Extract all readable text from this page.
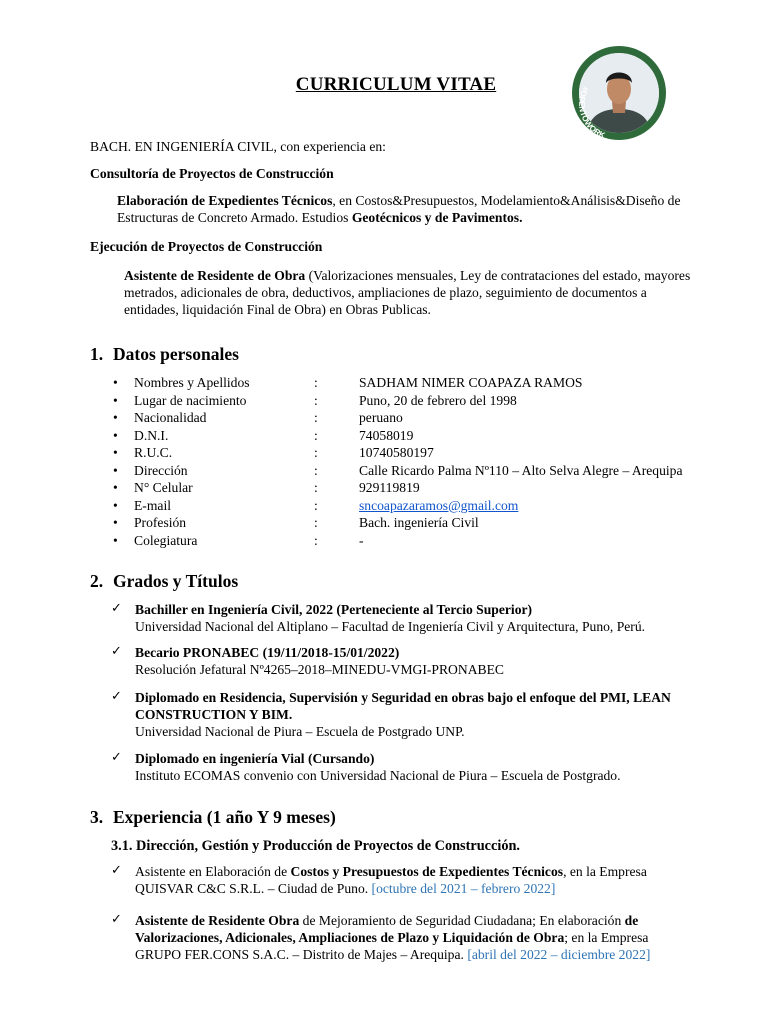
CURRICULUM VITAE	#OPENTOWORK

BACH. EN INGENIERÍA CIVIL, con experiencia en:

Consultoría de Proyectos de Construcción

Elaboración de Expedientes Técnicos, en Costos&Presupuestos, Modelamiento&Análisis&Diseño de
Estructuras de Concreto Armado. Estudios Geotécnicos y de Pavimentos.

Ejecución de Proyectos de Construcción

Asistente de Residente de Obra (Valorizaciones mensuales, Ley de contrataciones del estado, mayores
metrados, adicionales de obra, deductivos, ampliaciones de plazo, seguimiento de documentos a
entidades, liquidación Final de Obra) en Obras Publicas.

1. Datos personales
• Nombres y Apellidos	:	SADHAM NIMER COAPAZA RAMOS
• Lugar de nacimiento	:	Puno, 20 de febrero del 1998
• Nacionalidad	:	peruano
• D.N.I.	:	74058019
• R.U.C.	:	10740580197
• Dirección	:	Calle Ricardo Palma Nº110 – Alto Selva Alegre – Arequipa
• N° Celular	:	929119819
• E-mail	:	sncoapazaramos@gmail.com
• Profesión	:	Bach. ingeniería Civil
• Colegiatura	:	-
2. Grados y Títulos
✓ Bachiller en Ingeniería Civil, 2022 (Perteneciente al Tercio Superior)

Universidad Nacional del Altiplano – Facultad de Ingeniería Civil y Arquitectura, Puno, Perú.

✓ Becario PRONABEC (19/11/2018-15/01/2022)

Resolución Jefatural Nº4265–2018–MINEDU-VMGI-PRONABEC

✓ Diplomado en Residencia, Supervisión y Seguridad en obras bajo el enfoque del PMI, LEAN

CONSTRUCTION Y BIM.

Universidad Nacional de Piura – Escuela de Postgrado UNP.

✓ Diplomado en ingeniería Vial (Cursando)

Instituto ECOMAS convenio con Universidad Nacional de Piura – Escuela de Postgrado.

3. Experiencia (1 año Y 9 meses)

3.1. Dirección, Gestión y Producción de Proyectos de Construcción.

✓ Asistente en Elaboración de Costos y Presupuestos de Expedientes Técnicos, en la Empresa

QUISVAR C&C S.R.L. – Ciudad de Puno. [octubre del 2021 – febrero 2022]

✓ Asistente de Residente Obra de Mejoramiento de Seguridad Ciudadana; En elaboración de

Valorizaciones, Adicionales, Ampliaciones de Plazo y Liquidación de Obra; en la Empresa

GRUPO FER.CONS S.A.C. – Distrito de Majes – Arequipa. [abril del 2022 – diciembre 2022]
